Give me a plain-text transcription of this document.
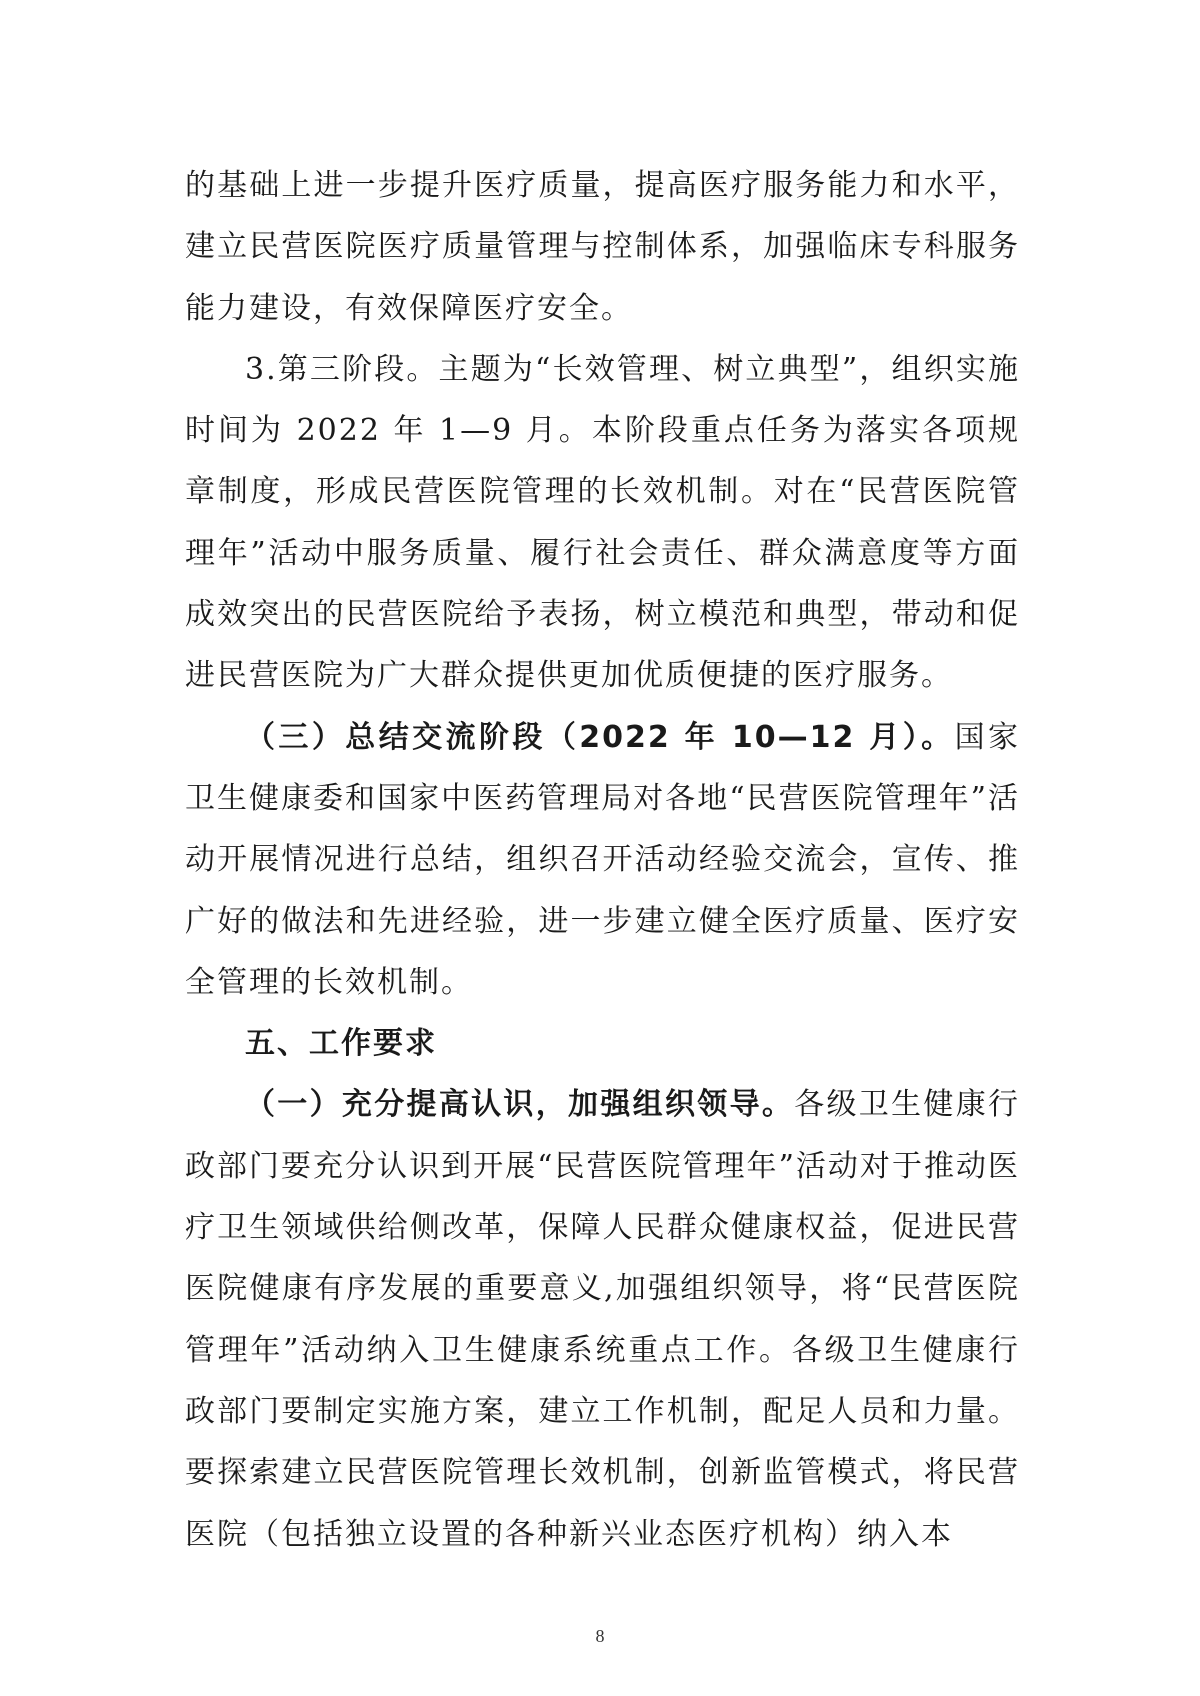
的基础上进一步提升医疗质量，提高医疗服务能力和水平，建立民营医院医疗质量管理与控制体系，加强临床专科服务能力建设，有效保障医疗安全。

3.第三阶段。主题为“长效管理、树立典型”，组织实施时间为 2022 年 1—9 月。本阶段重点任务为落实各项规章制度，形成民营医院管理的长效机制。对在“民营医院管理年”活动中服务质量、履行社会责任、群众满意度等方面成效突出的民营医院给予表扬，树立模范和典型，带动和促进民营医院为广大群众提供更加优质便捷的医疗服务。

（三）总结交流阶段（2022 年 10—12 月）。国家卫生健康委和国家中医药管理局对各地“民营医院管理年”活动开展情况进行总结，组织召开活动经验交流会，宣传、推广好的做法和先进经验，进一步建立健全医疗质量、医疗安全管理的长效机制。

五、工作要求

（一）充分提高认识，加强组织领导。各级卫生健康行政部门要充分认识到开展“民营医院管理年”活动对于推动医疗卫生领域供给侧改革，保障人民群众健康权益，促进民营医院健康有序发展的重要意义,加强组织领导，将“民营医院管理年”活动纳入卫生健康系统重点工作。各级卫生健康行政部门要制定实施方案，建立工作机制，配足人员和力量。要探索建立民营医院管理长效机制，创新监管模式，将民营医院（包括独立设置的各种新兴业态医疗机构）纳入本

8
